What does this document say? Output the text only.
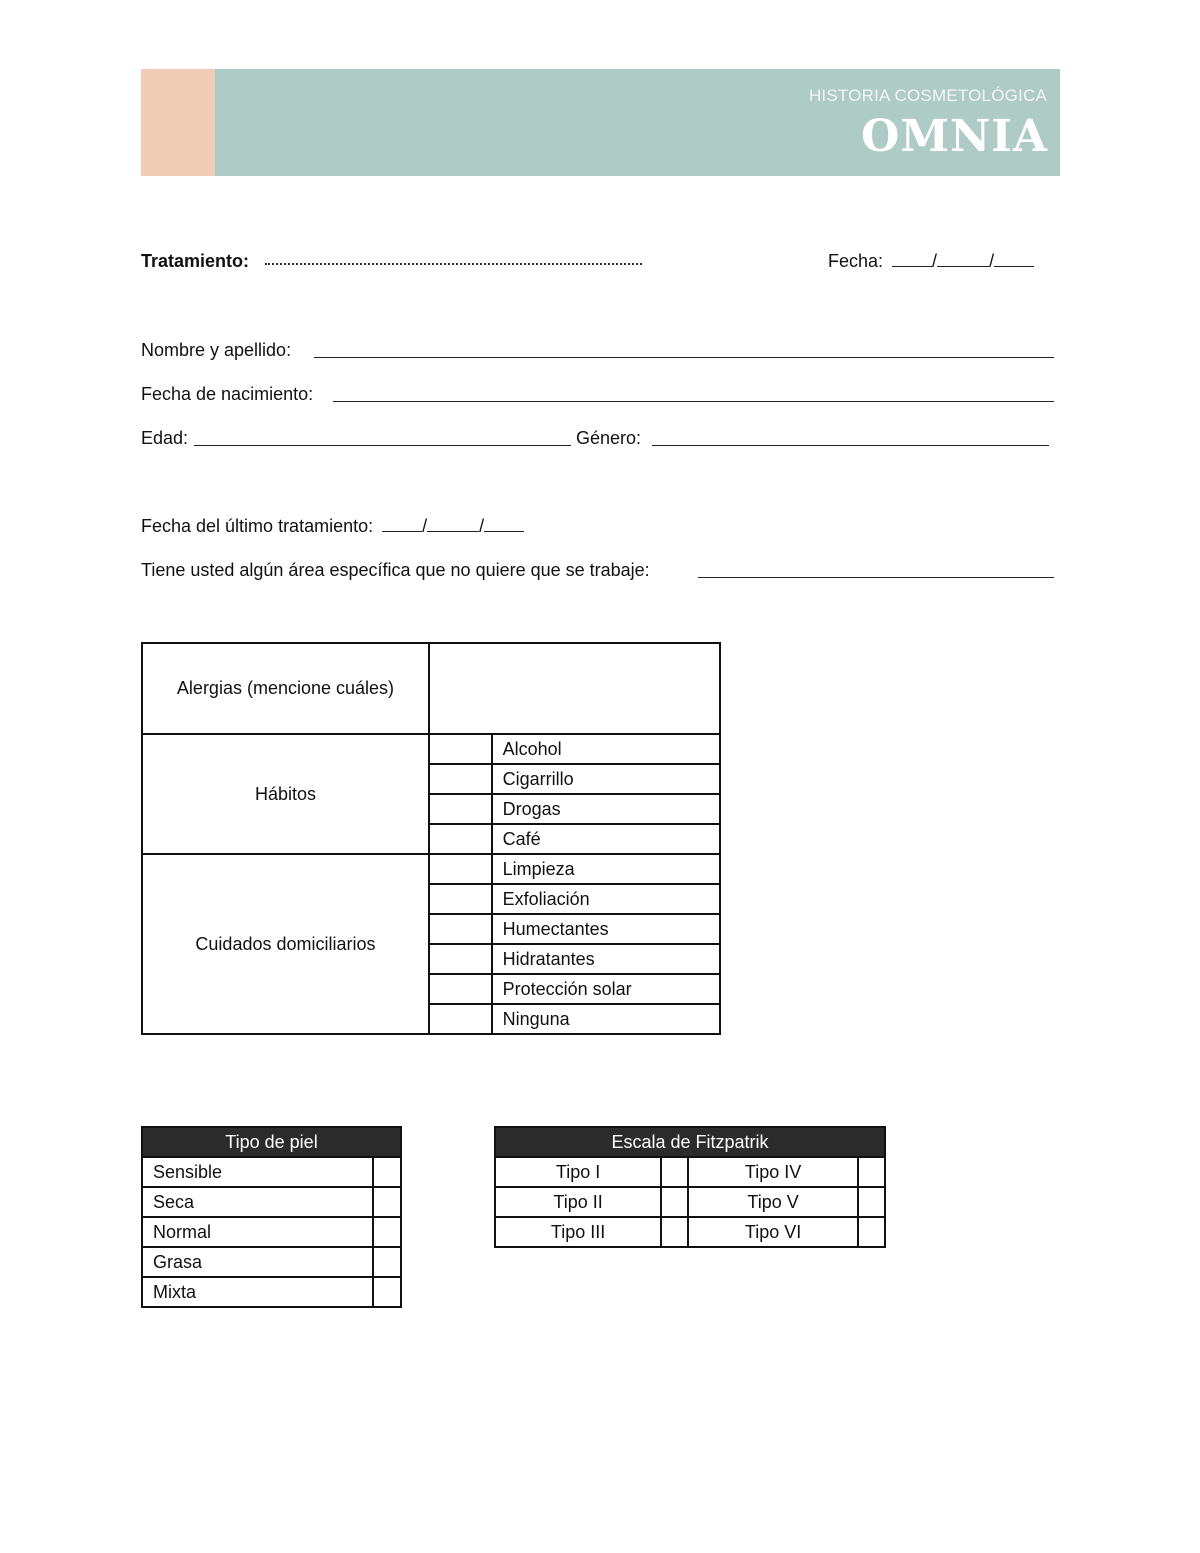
HISTORIA COSMETOLÓGICA
OMNIA
Tratamiento:	Fecha:	/	/
Nombre y apellido:
Fecha de nacimiento:
Edad:	Género:
Fecha del último tratamiento:	/	/
Tiene usted algún área específica que no quiere que se trabaje:
Alergias (mencione cuáles)		
Hábitos		Alcohol
		Cigarrillo
		Drogas
		Café
Cuidados domiciliarios		Limpieza
		Exfoliación
		Humectantes
		Hidratantes
		Protección solar
		Ninguna
Tipo de piel	
Sensible	
Seca	
Normal	
Grasa	
Mixta	
Escala de Fitzpatrik			
Tipo I		Tipo IV	
Tipo II		Tipo V	
Tipo III		Tipo VI	
